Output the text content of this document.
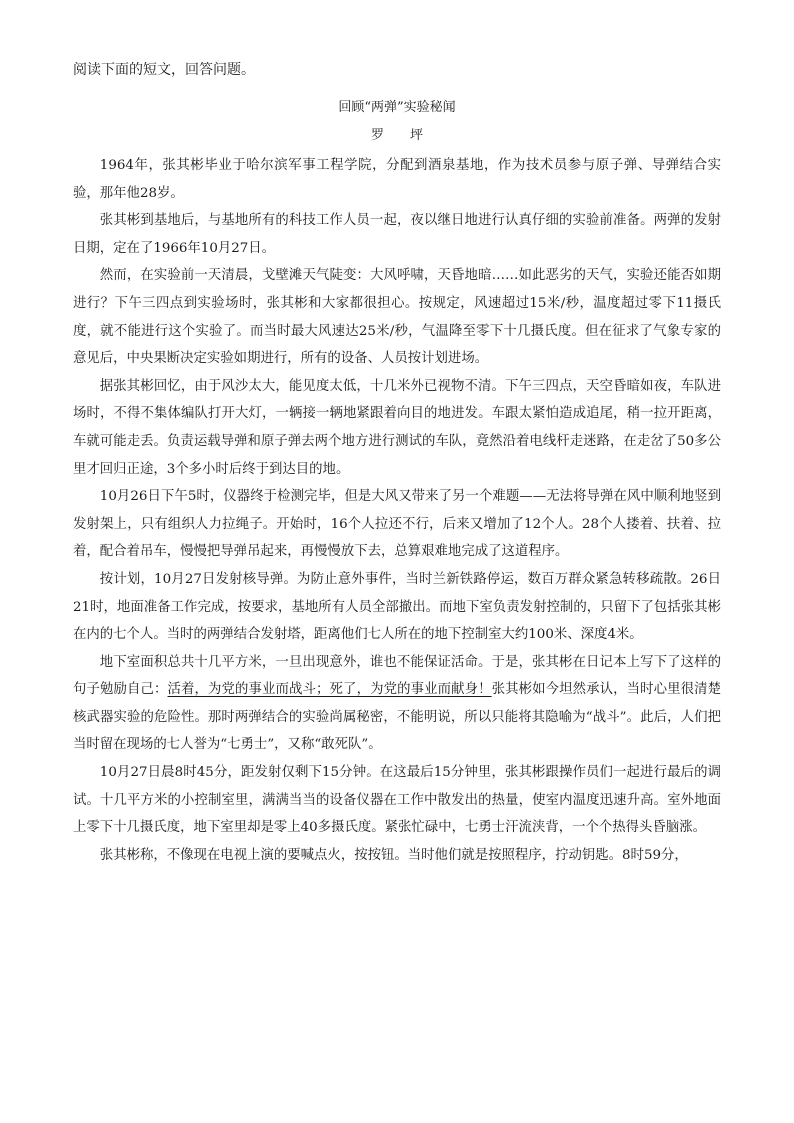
阅读下面的短文，回答问题。

回顾“两弹”实验秘闻

罗坪

1964年，张其彬毕业于哈尔滨军事工程学院，分配到酒泉基地，作为技术员参与原子弹、导弹结合实验，那年他28岁。

张其彬到基地后，与基地所有的科技工作人员一起，夜以继日地进行认真仔细的实验前准备。两弹的发射日期，定在了1966年10月27日。

然而，在实验前一天清晨，戈壁滩天气陡变：大风呼啸，天昏地暗……如此恶劣的天气，实验还能否如期进行？下午三四点到实验场时，张其彬和大家都很担心。按规定，风速超过15米/秒，温度超过零下11摄氏度，就不能进行这个实验了。而当时最大风速达25米/秒，气温降至零下十几摄氏度。但在征求了气象专家的意见后，中央果断决定实验如期进行，所有的设备、人员按计划进场。

据张其彬回忆，由于风沙太大，能见度太低，十几米外已视物不清。下午三四点，天空昏暗如夜，车队进场时，不得不集体编队打开大灯，一辆接一辆地紧跟着向目的地进发。车跟太紧怕造成追尾，稍一拉开距离，车就可能走丢。负责运载导弹和原子弹去两个地方进行测试的车队，竟然沿着电线杆走迷路，在走岔了50多公里才回归正途，3个多小时后终于到达目的地。

10月26日下午5时，仪器终于检测完毕，但是大风又带来了另一个难题——无法将导弹在风中顺利地竖到发射架上，只有组织人力拉绳子。开始时，16个人拉还不行，后来又增加了12个人。28个人搂着、扶着、拉着，配合着吊车，慢慢把导弹吊起来，再慢慢放下去，总算艰难地完成了这道程序。

按计划，10月27日发射核导弹。为防止意外事件，当时兰新铁路停运，数百万群众紧急转移疏散。26日21时，地面准备工作完成，按要求，基地所有人员全部撤出。而地下室负责发射控制的，只留下了包括张其彬在内的七个人。当时的两弹结合发射塔，距离他们七人所在的地下控制室大约100米、深度4米。

地下室面积总共十几平方米，一旦出现意外，谁也不能保证活命。于是，张其彬在日记本上写下了这样的句子勉励自己：活着，为党的事业而战斗；死了，为党的事业而献身！张其彬如今坦然承认，当时心里很清楚核武器实验的危险性。那时两弹结合的实验尚属秘密，不能明说，所以只能将其隐喻为“战斗”。此后，人们把当时留在现场的七人誉为“七勇士”，又称“敢死队”。

10月27日晨8时45分，距发射仅剩下15分钟。在这最后15分钟里，张其彬跟操作员们一起进行最后的调试。十几平方米的小控制室里，满满当当的设备仪器在工作中散发出的热量，使室内温度迅速升高。室外地面上零下十几摄氏度，地下室里却是零上40多摄氏度。紧张忙碌中，七勇士汗流浃背，一个个热得头昏脑涨。

张其彬称，不像现在电视上演的要喊点火，按按钮。当时他们就是按照程序，拧动钥匙。8时59分，
